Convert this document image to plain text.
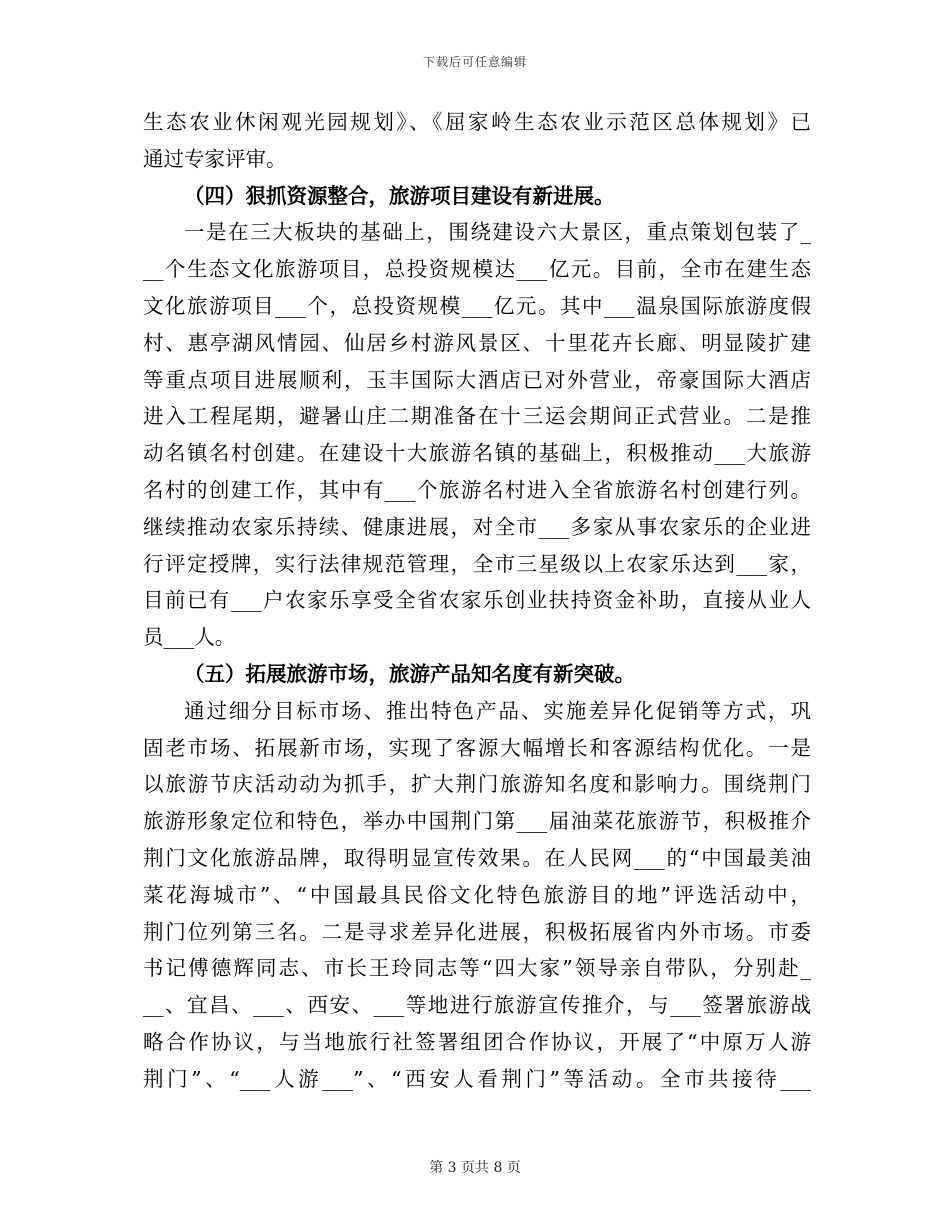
下载后可任意编辑
生态农业休闲观光园规划》、《屈家岭生态农业示范区总体规划》已
通过专家评审。
（四）狠抓资源整合，旅游项目建设有新进展。
一是在三大板块的基础上，围绕建设六大景区，重点策划包装了_
__个生态文化旅游项目，总投资规模达___亿元。目前，全市在建生态
文化旅游项目___个，总投资规模___亿元。其中___温泉国际旅游度假
村、惠亭湖风情园、仙居乡村游风景区、十里花卉长廊、明显陵扩建
等重点项目进展顺利，玉丰国际大酒店已对外营业，帝豪国际大酒店
进入工程尾期，避暑山庄二期准备在十三运会期间正式营业。二是推
动名镇名村创建。在建设十大旅游名镇的基础上，积极推动___大旅游
名村的创建工作，其中有___个旅游名村进入全省旅游名村创建行列。
继续推动农家乐持续、健康进展，对全市___多家从事农家乐的企业进
行评定授牌，实行法律规范管理，全市三星级以上农家乐达到___家，
目前已有___户农家乐享受全省农家乐创业扶持资金补助，直接从业人
员___人。
（五）拓展旅游市场，旅游产品知名度有新突破。
通过细分目标市场、推出特色产品、实施差异化促销等方式，巩
固老市场、拓展新市场，实现了客源大幅增长和客源结构优化。一是
以旅游节庆活动动为抓手，扩大荆门旅游知名度和影响力。围绕荆门
旅游形象定位和特色，举办中国荆门第___届油菜花旅游节，积极推介
荆门文化旅游品牌，取得明显宣传效果。在人民网___的“中国最美油
菜花海城市”、“中国最具民俗文化特色旅游目的地”评选活动中，
荆门位列第三名。二是寻求差异化进展，积极拓展省内外市场。市委
书记傅德辉同志、市长王玲同志等“四大家”领导亲自带队，分别赴_
__、宜昌、___、西安、___等地进行旅游宣传推介，与___签署旅游战
略合作协议，与当地旅行社签署组团合作协议，开展了“中原万人游
荆门”、“___人游___”、“西安人看荆门”等活动。全市共接待___
第 3 页共 8 页
